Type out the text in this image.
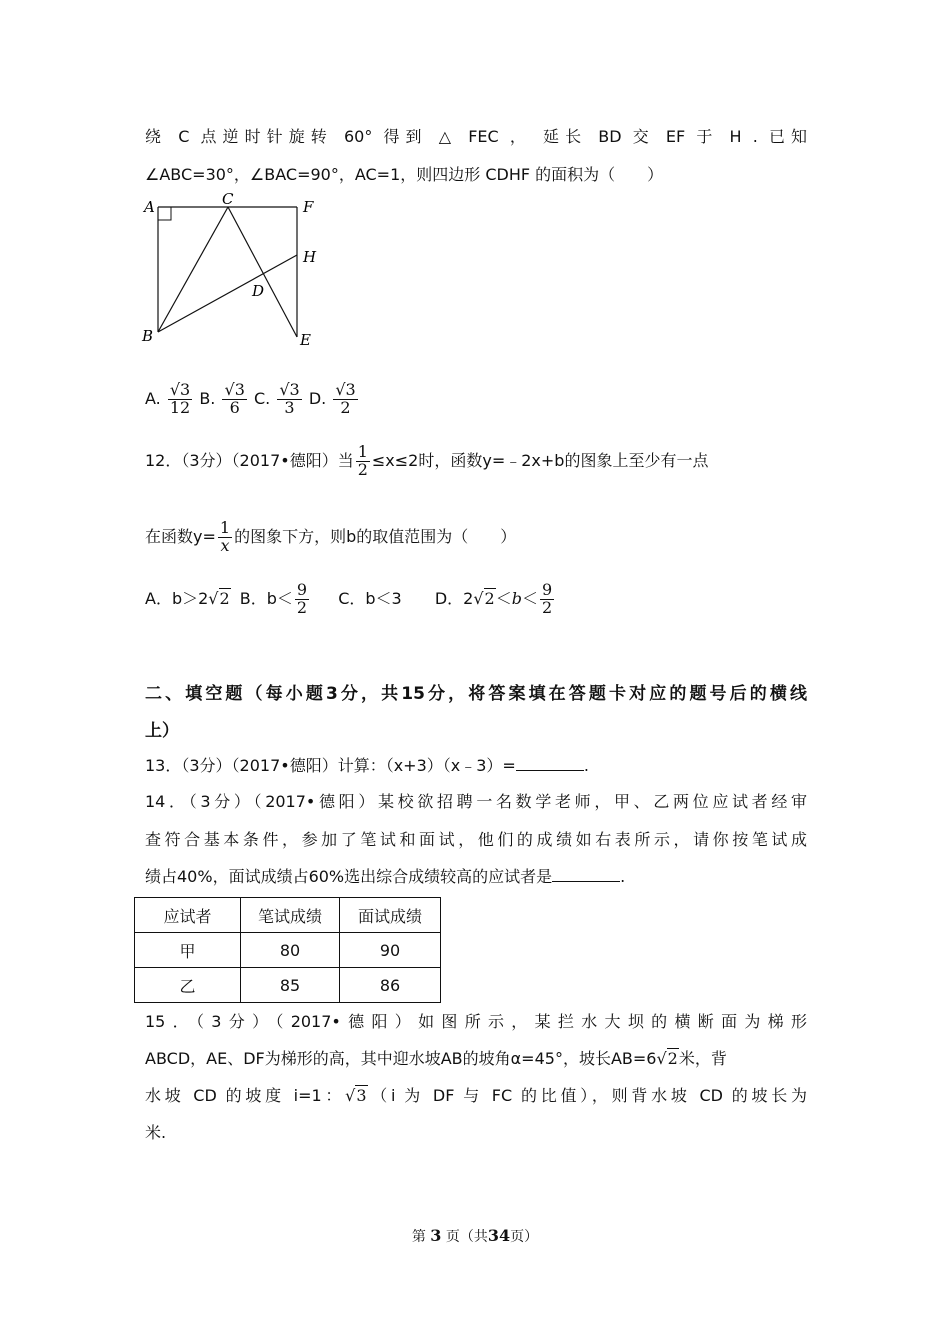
绕 C 点逆时针旋转 60° 得到 △ FEC ， 延长 BD 交 EF 于 H . 已知
∠ABC=30°，∠BAC=90°，AC=1，则四边形 CDHF 的面积为（　　）
A	C	F
H
D
B	E
A. $\frac{√3}{12} B$. $\frac{√3}{6} C$. $\frac{√3}{3} D$. $\frac{√3}{2}$
12．（3分）（2017•德阳）当 $\frac{1}{2} \le x\le 2$时，函数y=﹣2x+b的图象上至少有一点
在函数$y= \frac{1}{x}$ 的图象下方，则b的取值范围为（　　）
A．b＞2√2 B．$b< \frac{9}{2}$ C．b＜3 D．$2√2<b< \frac{9}{2}$
二、填空题（每小题3分，共15分，将答案填在答题卡对应的题号后的横线
上）
13．（3分）（2017•德阳）计算：（x+3）（x﹣3）=	.
14．（3分）（2017•德阳）某校欲招聘一名数学老师，甲、乙两位应试者经审
查符合基本条件，参加了笔试和面试，他们的成绩如右表所示，请你按笔试成
绩占40%，面试成绩占60%选出综合成绩较高的应试者是	.
应试者	笔试成绩	面试成绩
甲	80	90
乙	85	86
15．（3分）（2017•德阳）如图所示，某拦水大坝的横断面为梯形
ABCD，AE、DF为梯形的高，其中迎水坡AB的坡角α=45°，坡长AB=6√2米，背
水坡 CD 的坡度 i=1：√3（i 为 DF 与 FC 的比值），则背水坡 CD 的坡长为
米.
第 3 页（共34页）
